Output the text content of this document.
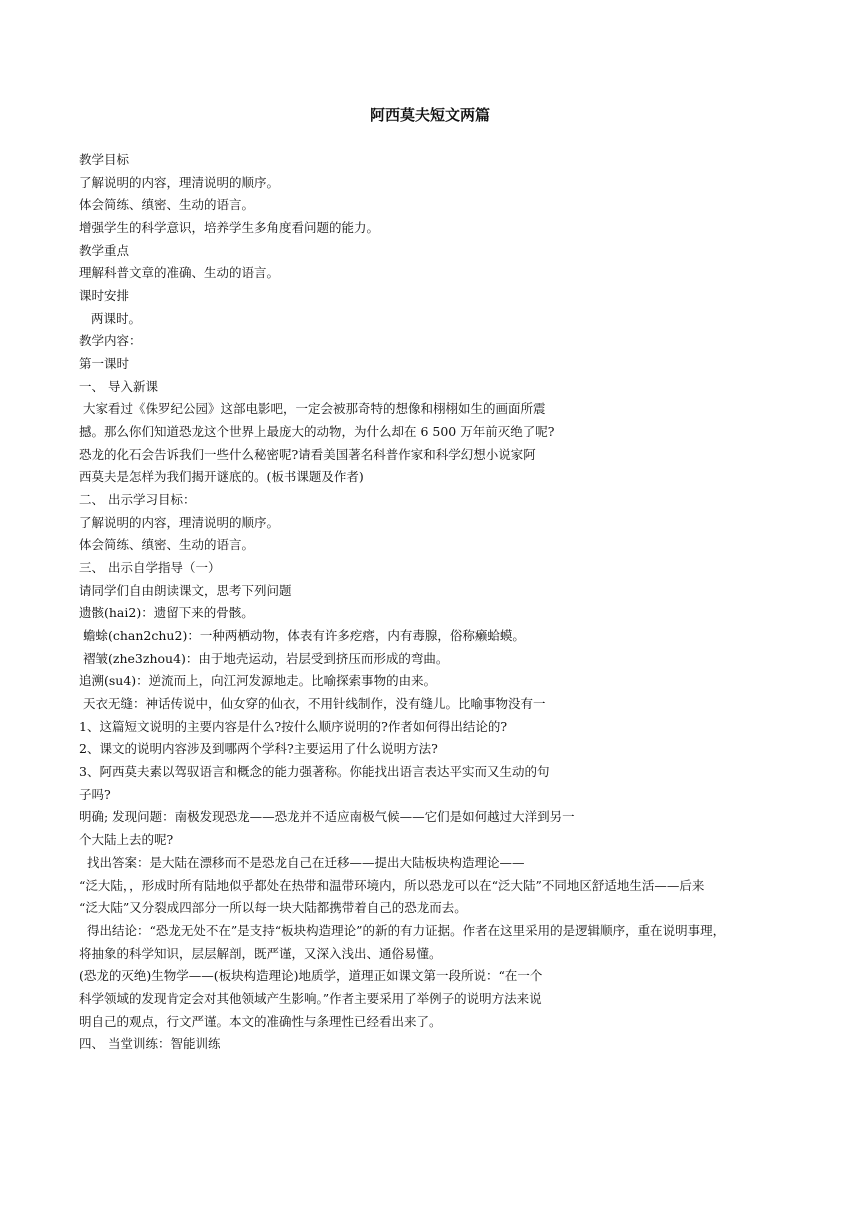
阿西莫夫短文两篇
教学目标
了解说明的内容，理清说明的顺序。
体会简练、缜密、生动的语言。
增强学生的科学意识，培养学生多角度看问题的能力。
教学重点
理解科普文章的准确、生动的语言。
课时安排
两课时。
教学内容：
第一课时
一、 导入新课
大家看过《侏罗纪公园》这部电影吧，一定会被那奇特的想像和栩栩如生的画面所震
撼。那么你们知道恐龙这个世界上最庞大的动物，为什么却在 6 500 万年前灭绝了呢?
恐龙的化石会告诉我们一些什么秘密呢?请看美国著名科普作家和科学幻想小说家阿
西莫夫是怎样为我们揭开谜底的。(板书课题及作者)
二、 出示学习目标：
了解说明的内容，理清说明的顺序。
体会简练、缜密、生动的语言。
三、 出示自学指导（一）
请同学们自由朗读课文，思考下列问题
遗骸(hai2)：遗留下来的骨骸。
蟾蜍(chan2chu2)：一种两栖动物，体表有许多疙瘩，内有毒腺，俗称癞蛤蟆。
褶皱(zhe3zhou4)：由于地壳运动，岩层受到挤压而形成的弯曲。
追溯(su4)：逆流而上，向江河发源地走。比喻探索事物的由来。
天衣无缝：神话传说中，仙女穿的仙衣，不用针线制作，没有缝儿。比喻事物没有一
1、这篇短文说明的主要内容是什么?按什么顺序说明的?作者如何得出结论的?
2、课文的说明内容涉及到哪两个学科?主要运用了什么说明方法?
3、阿西莫夫素以驾驭语言和概念的能力强著称。你能找出语言表达平实而又生动的句
子吗?
明确; 发现问题：南极发现恐龙——恐龙并不适应南极气候——它们是如何越过大洋到另一
个大陆上去的呢?
找出答案：是大陆在漂移而不是恐龙自己在迁移——提出大陆板块构造理论——
“泛大陆，，形成时所有陆地似乎都处在热带和温带环境内，所以恐龙可以在“泛大陆”不同地区舒适地生活——后来
“泛大陆”又分裂成四部分一所以每一块大陆都携带着自己的恐龙而去。
得出结论：“恐龙无处不在”是支持“板块构造理论”的新的有力证据。作者在这里采用的是逻辑顺序，重在说明事理，
将抽象的科学知识，层层解剖，既严谨，又深入浅出、通俗易懂。
(恐龙的灭绝)生物学——(板块构造理论)地质学，道理正如课文第一段所说：“在一个
科学领域的发现肯定会对其他领域产生影响。”作者主要采用了举例子的说明方法来说
明自己的观点，行文严谨。本文的准确性与条理性已经看出来了。
四、 当堂训练：智能训练
